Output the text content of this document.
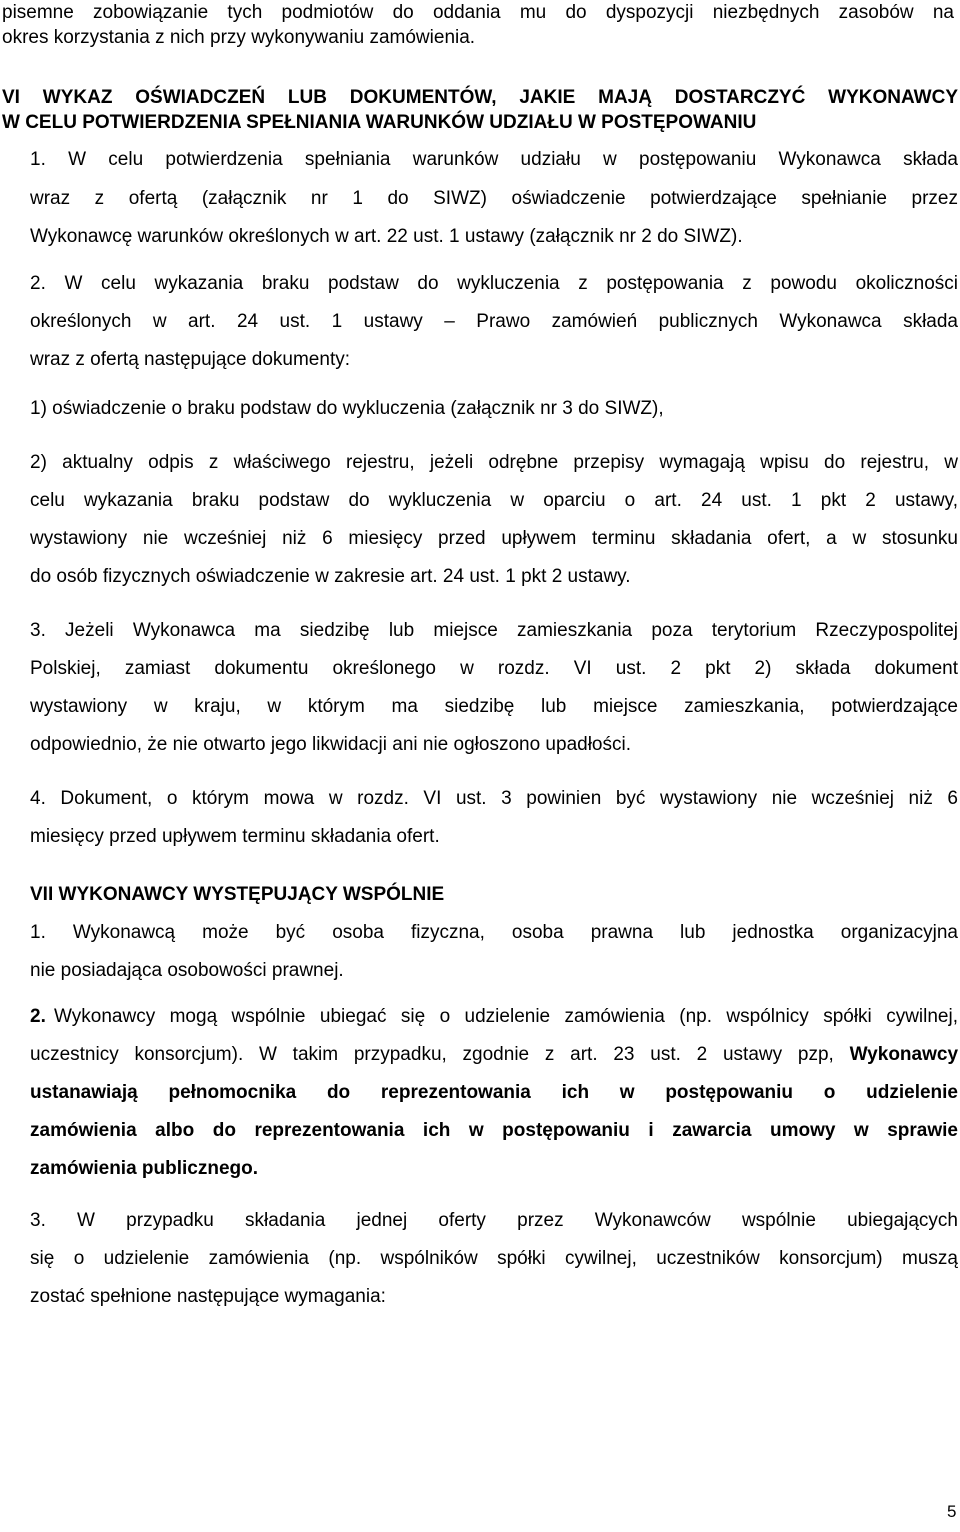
pisemne zobowiązanie tych podmiotów do oddania mu do dyspozycji niezbędnych zasobów na
okres korzystania z nich przy wykonywaniu zamówienia.
VI WYKAZ OŚWIADCZEŃ LUB DOKUMENTÓW, JAKIE MAJĄ DOSTARCZYĆ WYKONAWCY
W CELU POTWIERDZENIA SPEŁNIANIA WARUNKÓW UDZIAŁU W POSTĘPOWANIU
1. W celu potwierdzenia spełniania warunków udziału w postępowaniu Wykonawca składa
wraz z ofertą (załącznik nr 1 do SIWZ) oświadczenie potwierdzające spełnianie przez
Wykonawcę warunków określonych w art. 22 ust. 1 ustawy (załącznik nr 2 do SIWZ).
2. W celu wykazania braku podstaw do wykluczenia z postępowania z powodu okoliczności
określonych w art. 24 ust. 1 ustawy – Prawo zamówień publicznych Wykonawca składa
wraz z ofertą następujące dokumenty:
1) oświadczenie o braku podstaw do wykluczenia (załącznik nr 3 do SIWZ),
2) aktualny odpis z właściwego rejestru, jeżeli odrębne przepisy wymagają wpisu do rejestru, w
celu wykazania braku podstaw do wykluczenia w oparciu o art. 24 ust. 1 pkt 2 ustawy,
wystawiony nie wcześniej niż 6 miesięcy przed upływem terminu składania ofert, a w stosunku
do osób fizycznych oświadczenie w zakresie art. 24 ust. 1 pkt 2 ustawy.
3. Jeżeli Wykonawca ma siedzibę lub miejsce zamieszkania poza terytorium Rzeczypospolitej
Polskiej, zamiast dokumentu określonego w rozdz. VI ust. 2 pkt 2) składa dokument
wystawiony w kraju, w którym ma siedzibę lub miejsce zamieszkania, potwierdzające
odpowiednio, że nie otwarto jego likwidacji ani nie ogłoszono upadłości.
4. Dokument, o którym mowa w rozdz. VI ust. 3 powinien być wystawiony nie wcześniej niż 6
miesięcy przed upływem terminu składania ofert.
VII WYKONAWCY WYSTĘPUJĄCY WSPÓLNIE
1. Wykonawcą może być osoba fizyczna, osoba prawna lub jednostka organizacyjna
nie posiadająca osobowości prawnej.
2. Wykonawcy mogą wspólnie ubiegać się o udzielenie zamówienia (np. wspólnicy spółki cywilnej,
uczestnicy konsorcjum). W takim przypadku, zgodnie z art. 23 ust. 2 ustawy pzp, Wykonawcy
ustanawiają pełnomocnika do reprezentowania ich w postępowaniu o udzielenie
zamówienia albo do reprezentowania ich w postępowaniu i zawarcia umowy w sprawie
zamówienia publicznego.
3. W przypadku składania jednej oferty przez Wykonawców wspólnie ubiegających
się o udzielenie zamówienia (np. wspólników spółki cywilnej, uczestników konsorcjum) muszą
zostać spełnione następujące wymagania:
5
